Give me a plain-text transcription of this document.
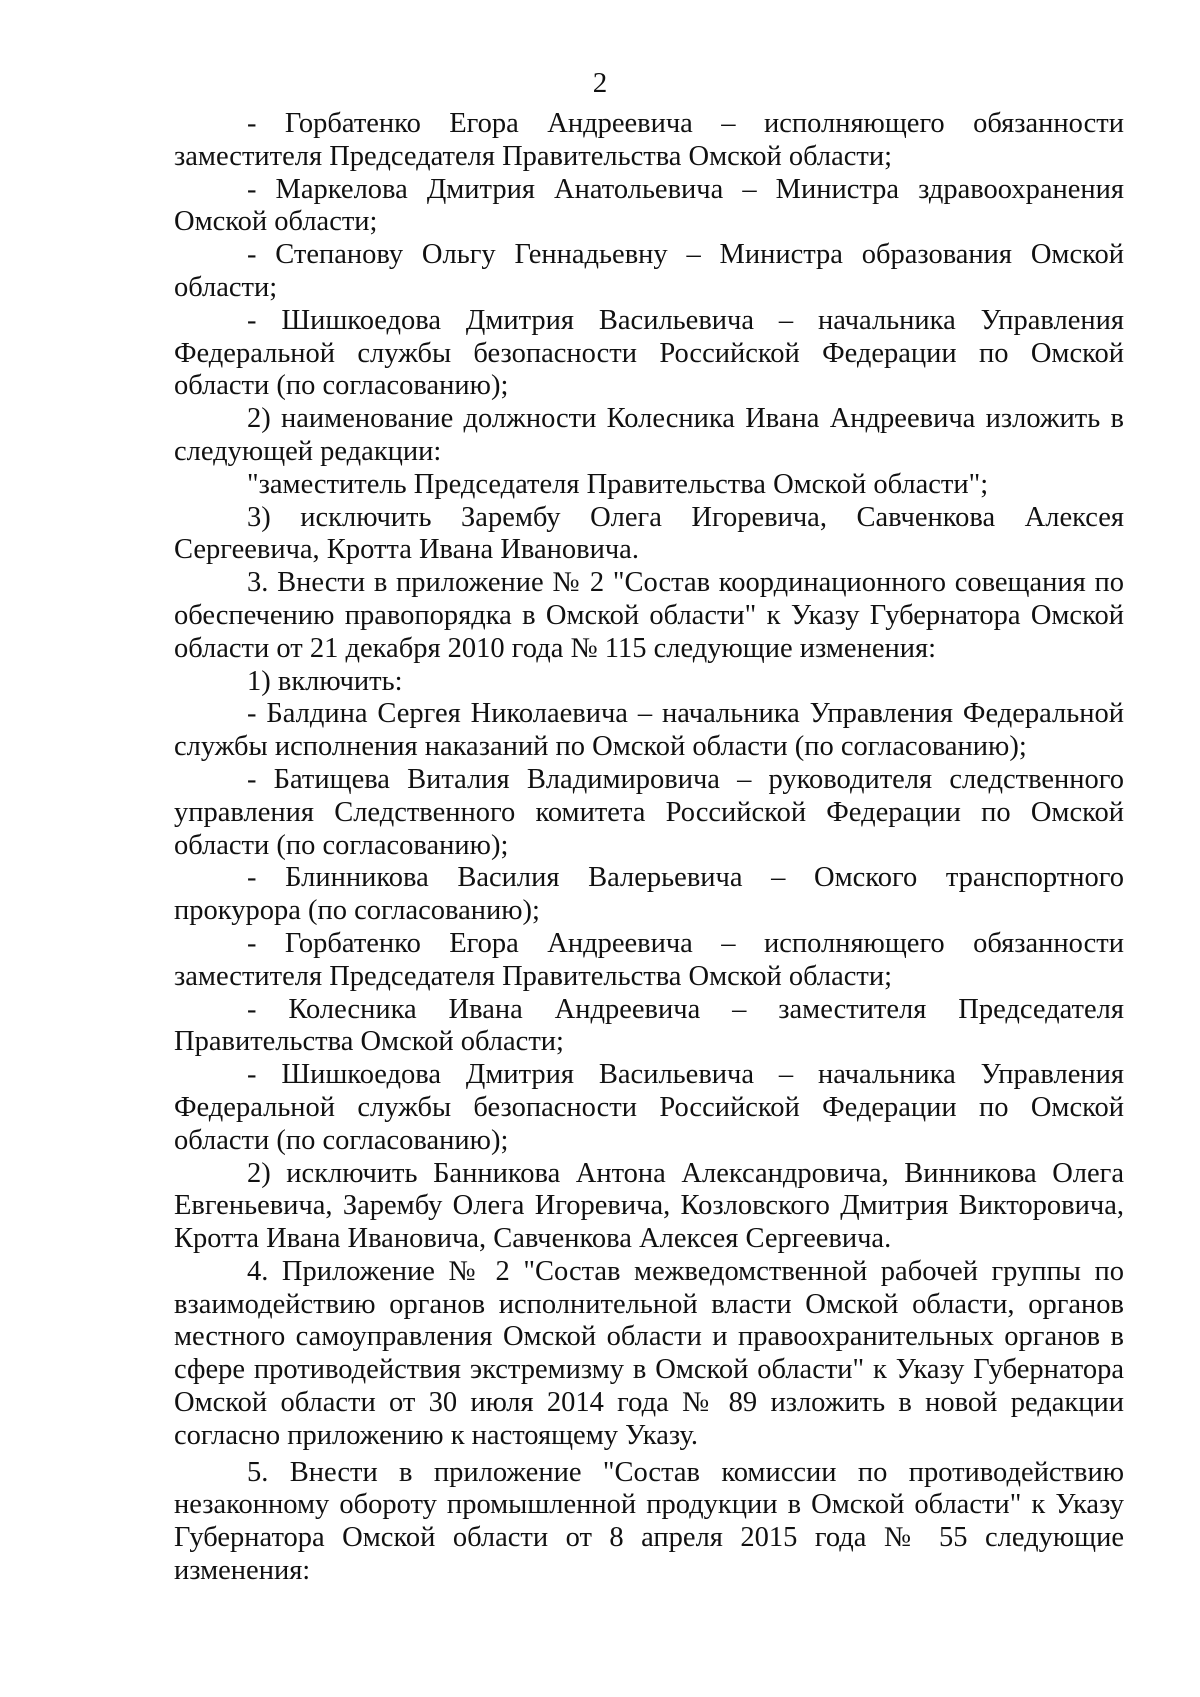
2

- Горбатенко Егора Андреевича – исполняющего обязанности заместителя Председателя Правительства Омской области;

- Маркелова Дмитрия Анатольевича – Министра здравоохранения Омской области;

- Степанову Ольгу Геннадьевну – Министра образования Омской области;

- Шишкоедова Дмитрия Васильевича – начальника Управления Федеральной службы безопасности Российской Федерации по Омской области (по согласованию);

2) наименование должности Колесника Ивана Андреевича изложить в следующей редакции:

"заместитель Председателя Правительства Омской области";

3) исключить Зарембу Олега Игоревича, Савченкова Алексея Сергеевича, Кротта Ивана Ивановича.

3. Внести в приложение № 2 "Состав координационного совещания по обеспечению правопорядка в Омской области" к Указу Губернатора Омской области от 21 декабря 2010 года № 115 следующие изменения:

1) включить:

- Балдина Сергея Николаевича – начальника Управления Федеральной службы исполнения наказаний по Омской области (по согласованию);

- Батищева Виталия Владимировича – руководителя следственного управления Следственного комитета Российской Федерации по Омской области (по согласованию);

- Блинникова Василия Валерьевича – Омского транспортного прокурора (по согласованию);

- Горбатенко Егора Андреевича – исполняющего обязанности заместителя Председателя Правительства Омской области;

- Колесника Ивана Андреевича – заместителя Председателя Правительства Омской области;

- Шишкоедова Дмитрия Васильевича – начальника Управления Федеральной службы безопасности Российской Федерации по Омской области (по согласованию);

2) исключить Банникова Антона Александровича, Винникова Олега Евгеньевича, Зарембу Олега Игоревича, Козловского Дмитрия Викторовича, Кротта Ивана Ивановича, Савченкова Алексея Сергеевича.

4. Приложение № 2 "Состав межведомственной рабочей группы по взаимодействию органов исполнительной власти Омской области, органов местного самоуправления Омской области и правоохранительных органов в сфере противодействия экстремизму в Омской области" к Указу Губернатора Омской области от 30 июля 2014 года № 89 изложить в новой редакции согласно приложению к настоящему Указу.

5. Внести в приложение "Состав комиссии по противодействию незаконному обороту промышленной продукции в Омской области" к Указу Губернатора Омской области от 8 апреля 2015 года № 55 следующие изменения:
